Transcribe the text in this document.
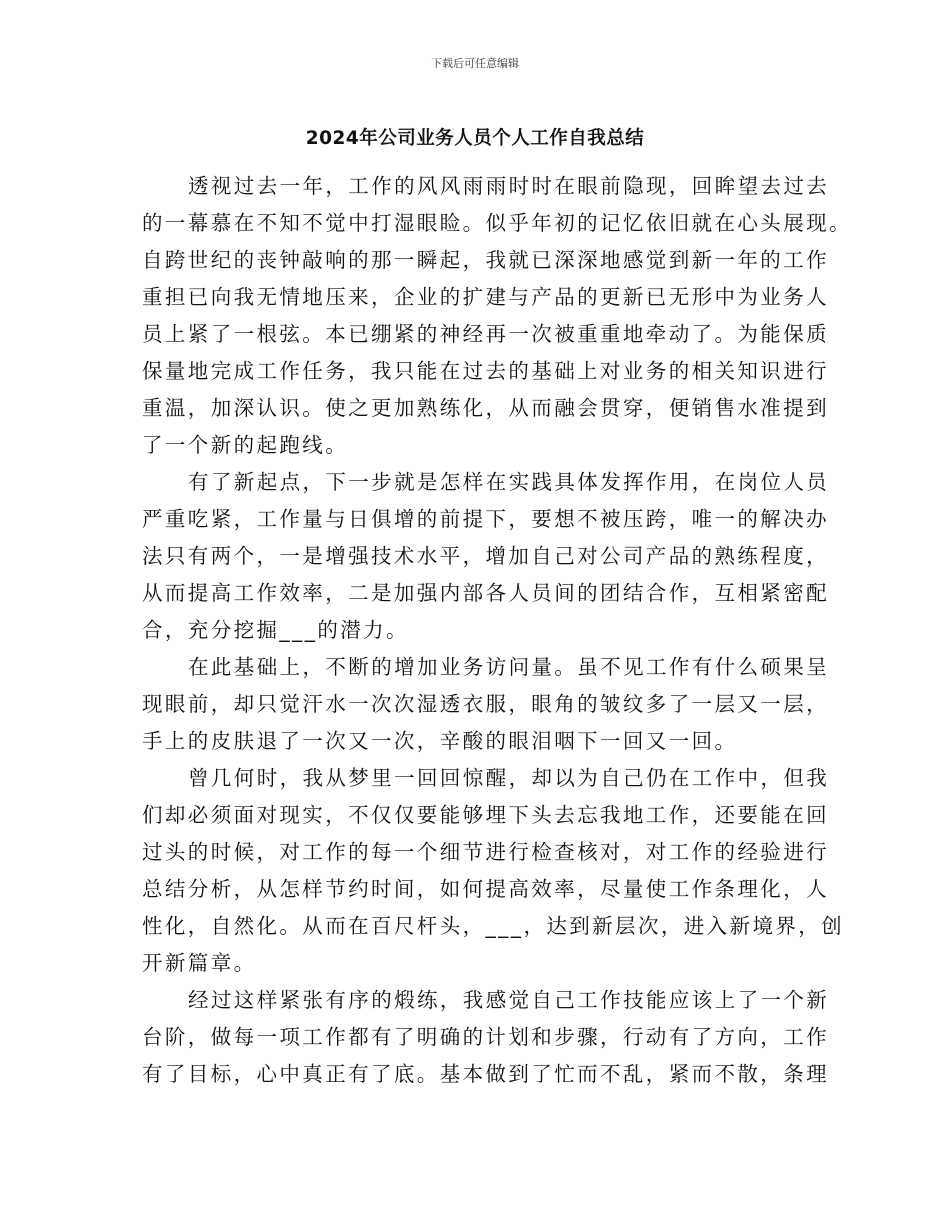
下载后可任意编辑
2024年公司业务人员个人工作自我总结
透视过去一年，工作的风风雨雨时时在眼前隐现，回眸望去过去
的一幕慕在不知不觉中打湿眼睑。似乎年初的记忆依旧就在心头展现。
自跨世纪的丧钟敲响的那一瞬起，我就已深深地感觉到新一年的工作
重担已向我无情地压来，企业的扩建与产品的更新已无形中为业务人
员上紧了一根弦。本已绷紧的神经再一次被重重地牵动了。为能保质
保量地完成工作任务，我只能在过去的基础上对业务的相关知识进行
重温，加深认识。使之更加熟练化，从而融会贯穿，便销售水准提到
了一个新的起跑线。
有了新起点，下一步就是怎样在实践具体发挥作用，在岗位人员
严重吃紧，工作量与日俱增的前提下，要想不被压跨，唯一的解决办
法只有两个，一是增强技术水平，增加自己对公司产品的熟练程度，
从而提高工作效率，二是加强内部各人员间的团结合作，互相紧密配
合，充分挖掘___的潜力。
在此基础上，不断的增加业务访问量。虽不见工作有什么硕果呈
现眼前，却只觉汗水一次次湿透衣服，眼角的皱纹多了一层又一层，
手上的皮肤退了一次又一次，辛酸的眼泪咽下一回又一回。
曾几何时，我从梦里一回回惊醒，却以为自己仍在工作中，但我
们却必须面对现实，不仅仅要能够埋下头去忘我地工作，还要能在回
过头的时候，对工作的每一个细节进行检查核对，对工作的经验进行
总结分析，从怎样节约时间，如何提高效率，尽量使工作条理化，人
性化，自然化。从而在百尺杆头，___，达到新层次，进入新境界，创
开新篇章。
经过这样紧张有序的煅练，我感觉自己工作技能应该上了一个新
台阶，做每一项工作都有了明确的计划和步骤，行动有了方向，工作
有了目标，心中真正有了底。基本做到了忙而不乱，紧而不散，条理
